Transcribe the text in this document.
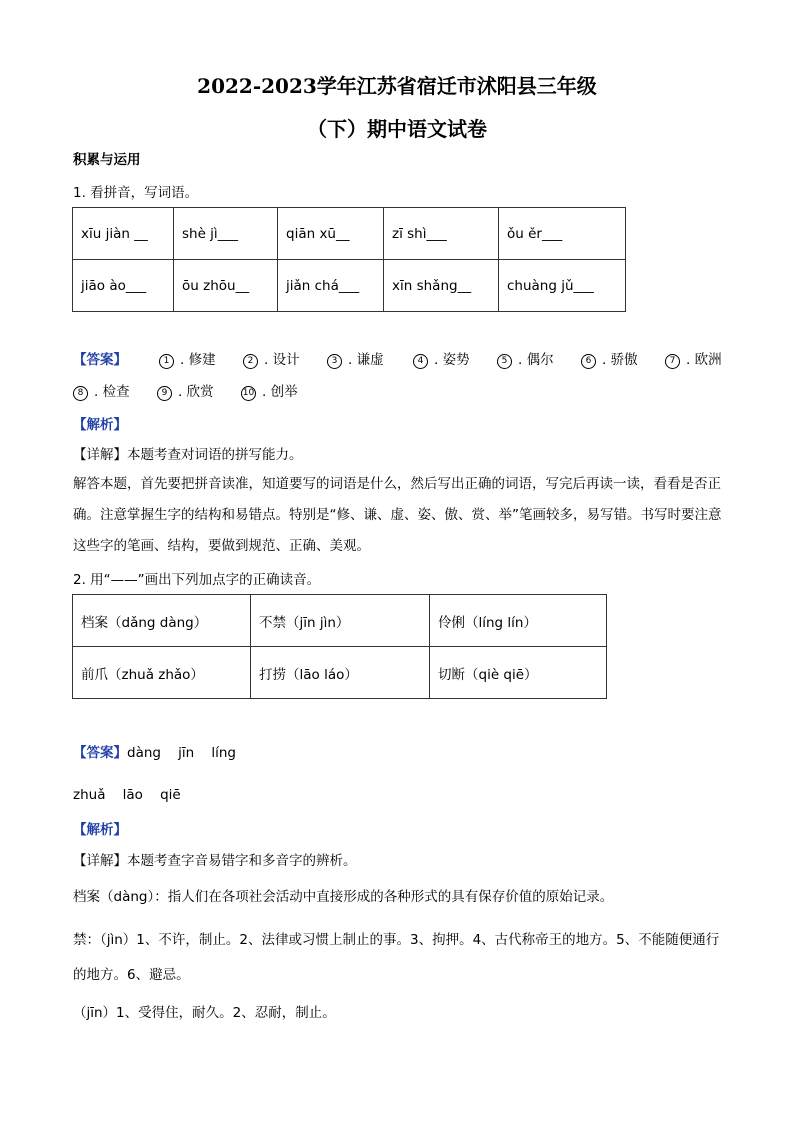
2022-2023学年江苏省宿迁市沭阳县三年级
（下）期中语文试卷
积累与运用
1. 看拼音，写词语。
xīu jiàn __	shè jì___	qiān xū__	zī shì___	ǒu ěr___
jiāo ào___	ōu zhōu__	jiǎn chá___	xīn shǎng__	chuàng jǔ___
【答案】	1 . 修建	2 . 设计	3 . 谦虚	4 . 姿势	5 . 偶尔	6 . 骄傲	7 . 欧洲
8 . 检查	9 . 欣赏	10 . 创举
【解析】
【详解】本题考查对词语的拼写能力。
解答本题，首先要把拼音读准，知道要写的词语是什么，然后写出正确的词语，写完后再读一读，看看是否正确。注意掌握生字的结构和易错点。特别是“修、谦、虚、姿、傲、赏、举”笔画较多，易写错。书写时要注意这些字的笔画、结构，要做到规范、正确、美观。
2. 用“——”画出下列加点字的正确读音。
档案（dǎng dàng）	不禁（jīn jìn）	伶俐（líng lín）
前爪（zhuǎ zhǎo）	打捞（lāo láo）	切断（qiè qiē）
【答案】dàng    jīn    líng
zhuǎ    lāo    qiē
【解析】
【详解】本题考查字音易错字和多音字的辨析。
档案（dàng）：指人们在各项社会活动中直接形成的各种形式的具有保存价值的原始记录。
禁：（jìn）1、不许，制止。2、法律或习惯上制止的事。3、拘押。4、古代称帝王的地方。5、不能随便通行的地方。6、避忌。
（jīn）1、受得住，耐久。2、忍耐，制止。
